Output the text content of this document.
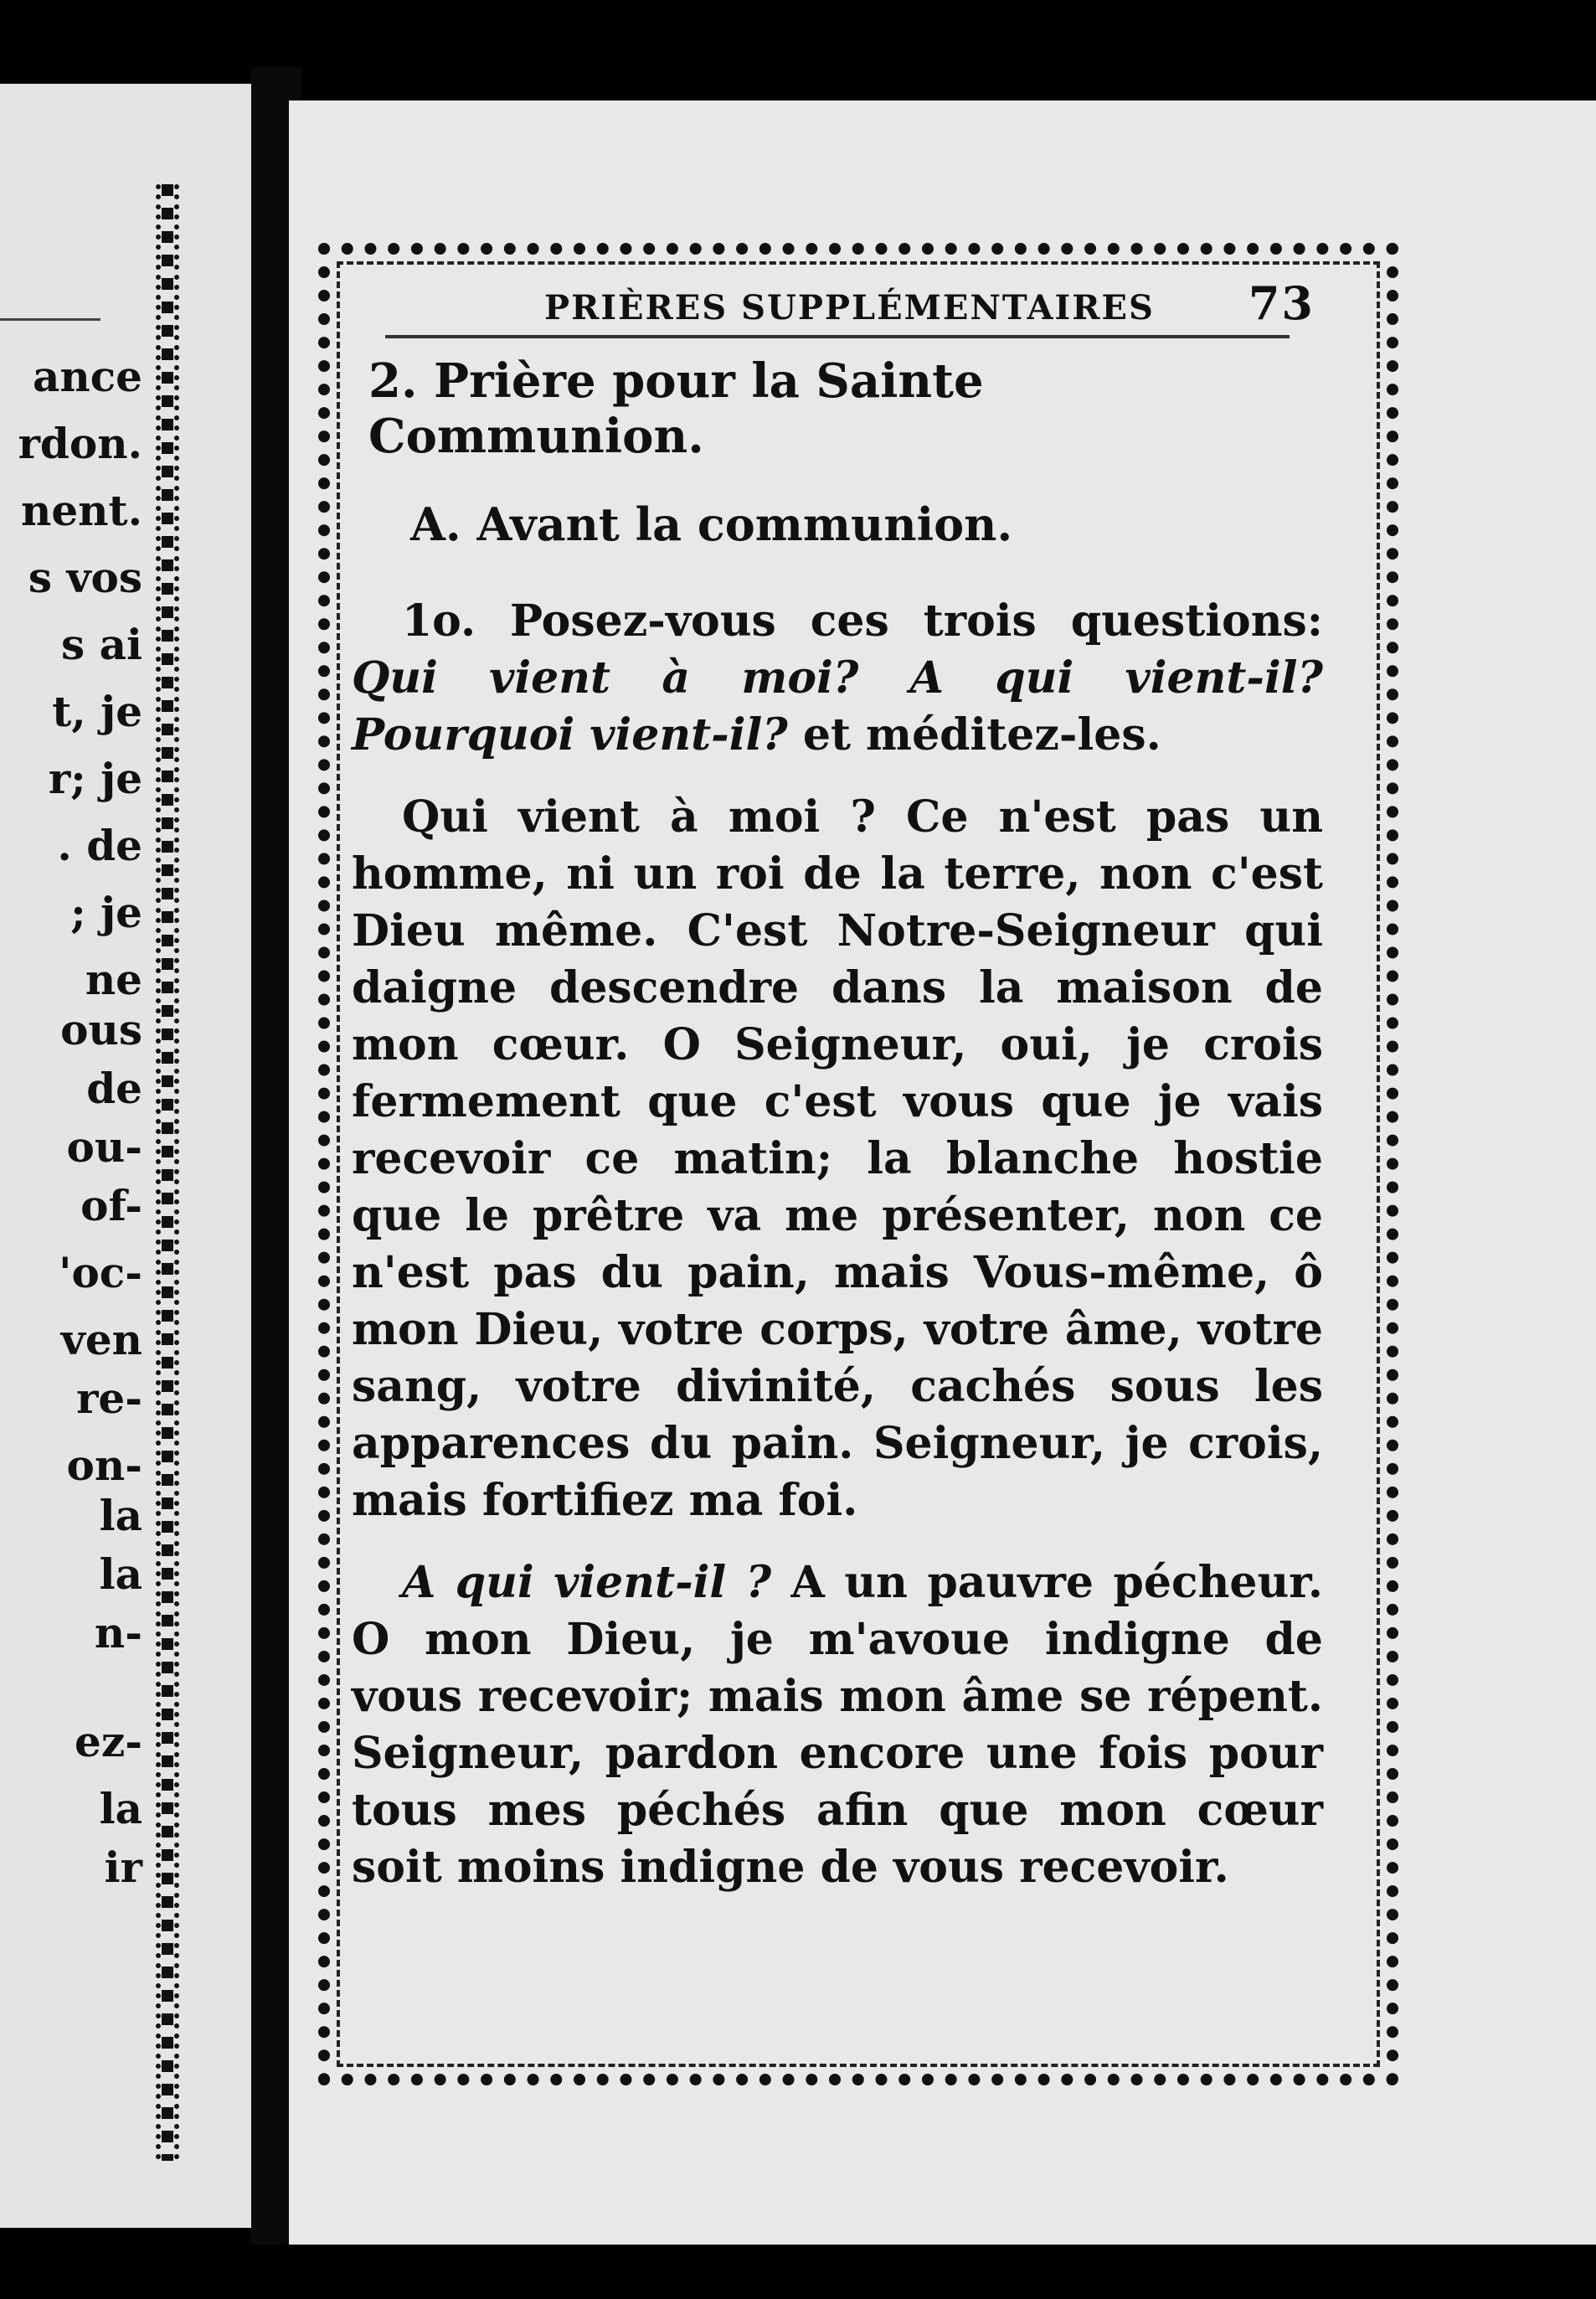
ance
rdon.
nent.
s vos
s ai
t, je
r; je
. de
; je
ne
ous
de
ou-
of-
'oc-
ven
re-
on-
la
la
n-
ez-
la
ir
PRIÈRES SUPPLÉMENTAIRES 73
2. Prière pour la Sainte Communion.
A. Avant la communion.

1o. Posez-vous ces trois questions: Qui vient à moi? A qui vient-il? Pourquoi vient-il? et méditez-les.

Qui vient à moi ? Ce n'est pas un homme, ni un roi de la terre, non c'est Dieu même. C'est Notre-Seigneur qui daigne descendre dans la maison de mon cœur. O Seigneur, oui, je crois fermement que c'est vous que je vais recevoir ce matin; la blanche hostie que le prêtre va me présenter, non ce n'est pas du pain, mais Vous-même, ô mon Dieu, votre corps, votre âme, votre sang, votre divinité, cachés sous les apparences du pain. Seigneur, je crois, mais fortifiez ma foi.

A qui vient-il ? A un pauvre pécheur. O mon Dieu, je m'avoue indigne de vous recevoir; mais mon âme se répent. Seigneur, pardon encore une fois pour tous mes péchés afin que mon cœur soit moins indigne de vous recevoir.
